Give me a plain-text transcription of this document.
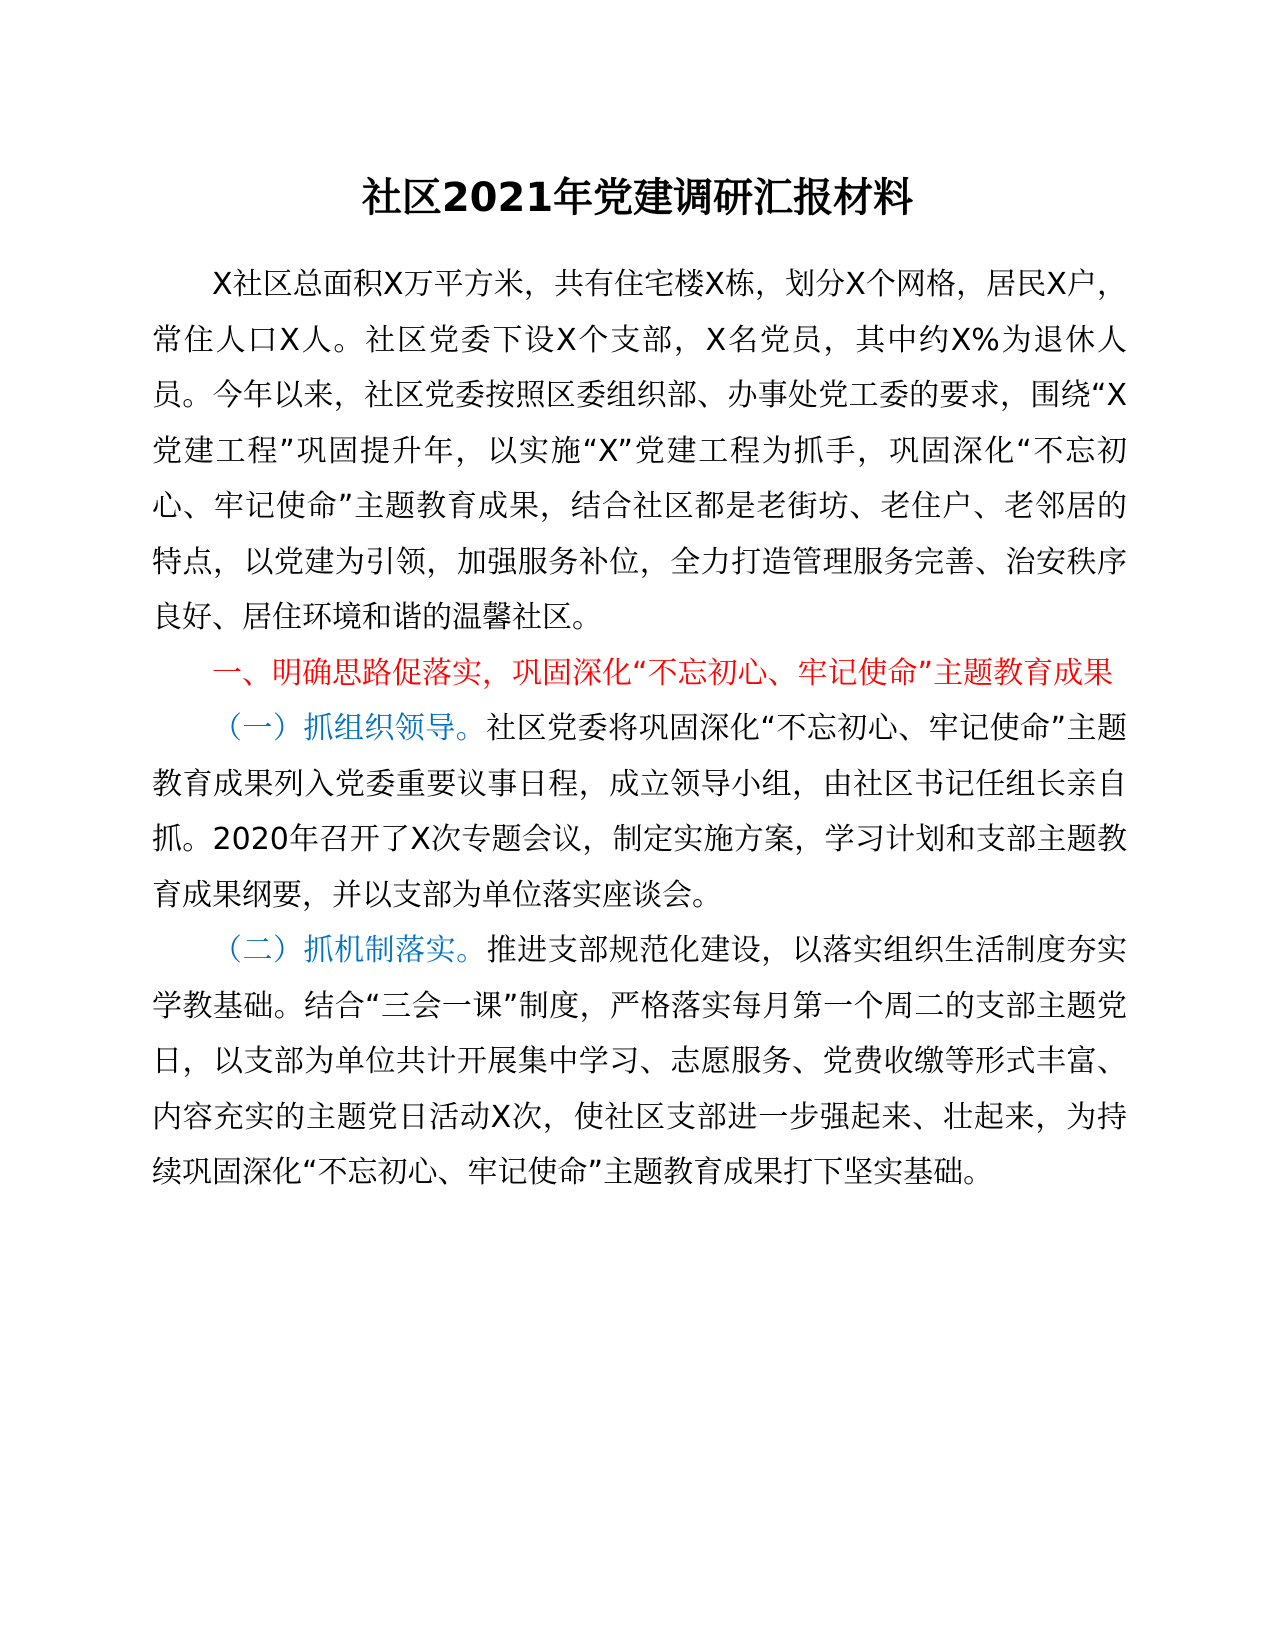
社区2021年党建调研汇报材料

X社区总面积X万平方米，共有住宅楼X栋，划分X个网格，居民X户，常住人口X人。社区党委下设X个支部，X名党员，其中约X%为退休人员。今年以来，社区党委按照区委组织部、办事处党工委的要求，围绕“X党建工程”巩固提升年，以实施“X”党建工程为抓手，巩固深化“不忘初心、牢记使命”主题教育成果，结合社区都是老街坊、老住户、老邻居的特点，以党建为引领，加强服务补位，全力打造管理服务完善、治安秩序良好、居住环境和谐的温馨社区。

一、明确思路促落实，巩固深化“不忘初心、牢记使命”主题教育成果

（一）抓组织领导。社区党委将巩固深化“不忘初心、牢记使命”主题教育成果列入党委重要议事日程，成立领导小组，由社区书记任组长亲自抓。2020年召开了X次专题会议，制定实施方案，学习计划和支部主题教育成果纲要，并以支部为单位落实座谈会。

（二）抓机制落实。推进支部规范化建设，以落实组织生活制度夯实学教基础。结合“三会一课”制度，严格落实每月第一个周二的支部主题党日，以支部为单位共计开展集中学习、志愿服务、党费收缴等形式丰富、内容充实的主题党日活动X次，使社区支部进一步强起来、壮起来，为持续巩固深化“不忘初心、牢记使命”主题教育成果打下坚实基础。
